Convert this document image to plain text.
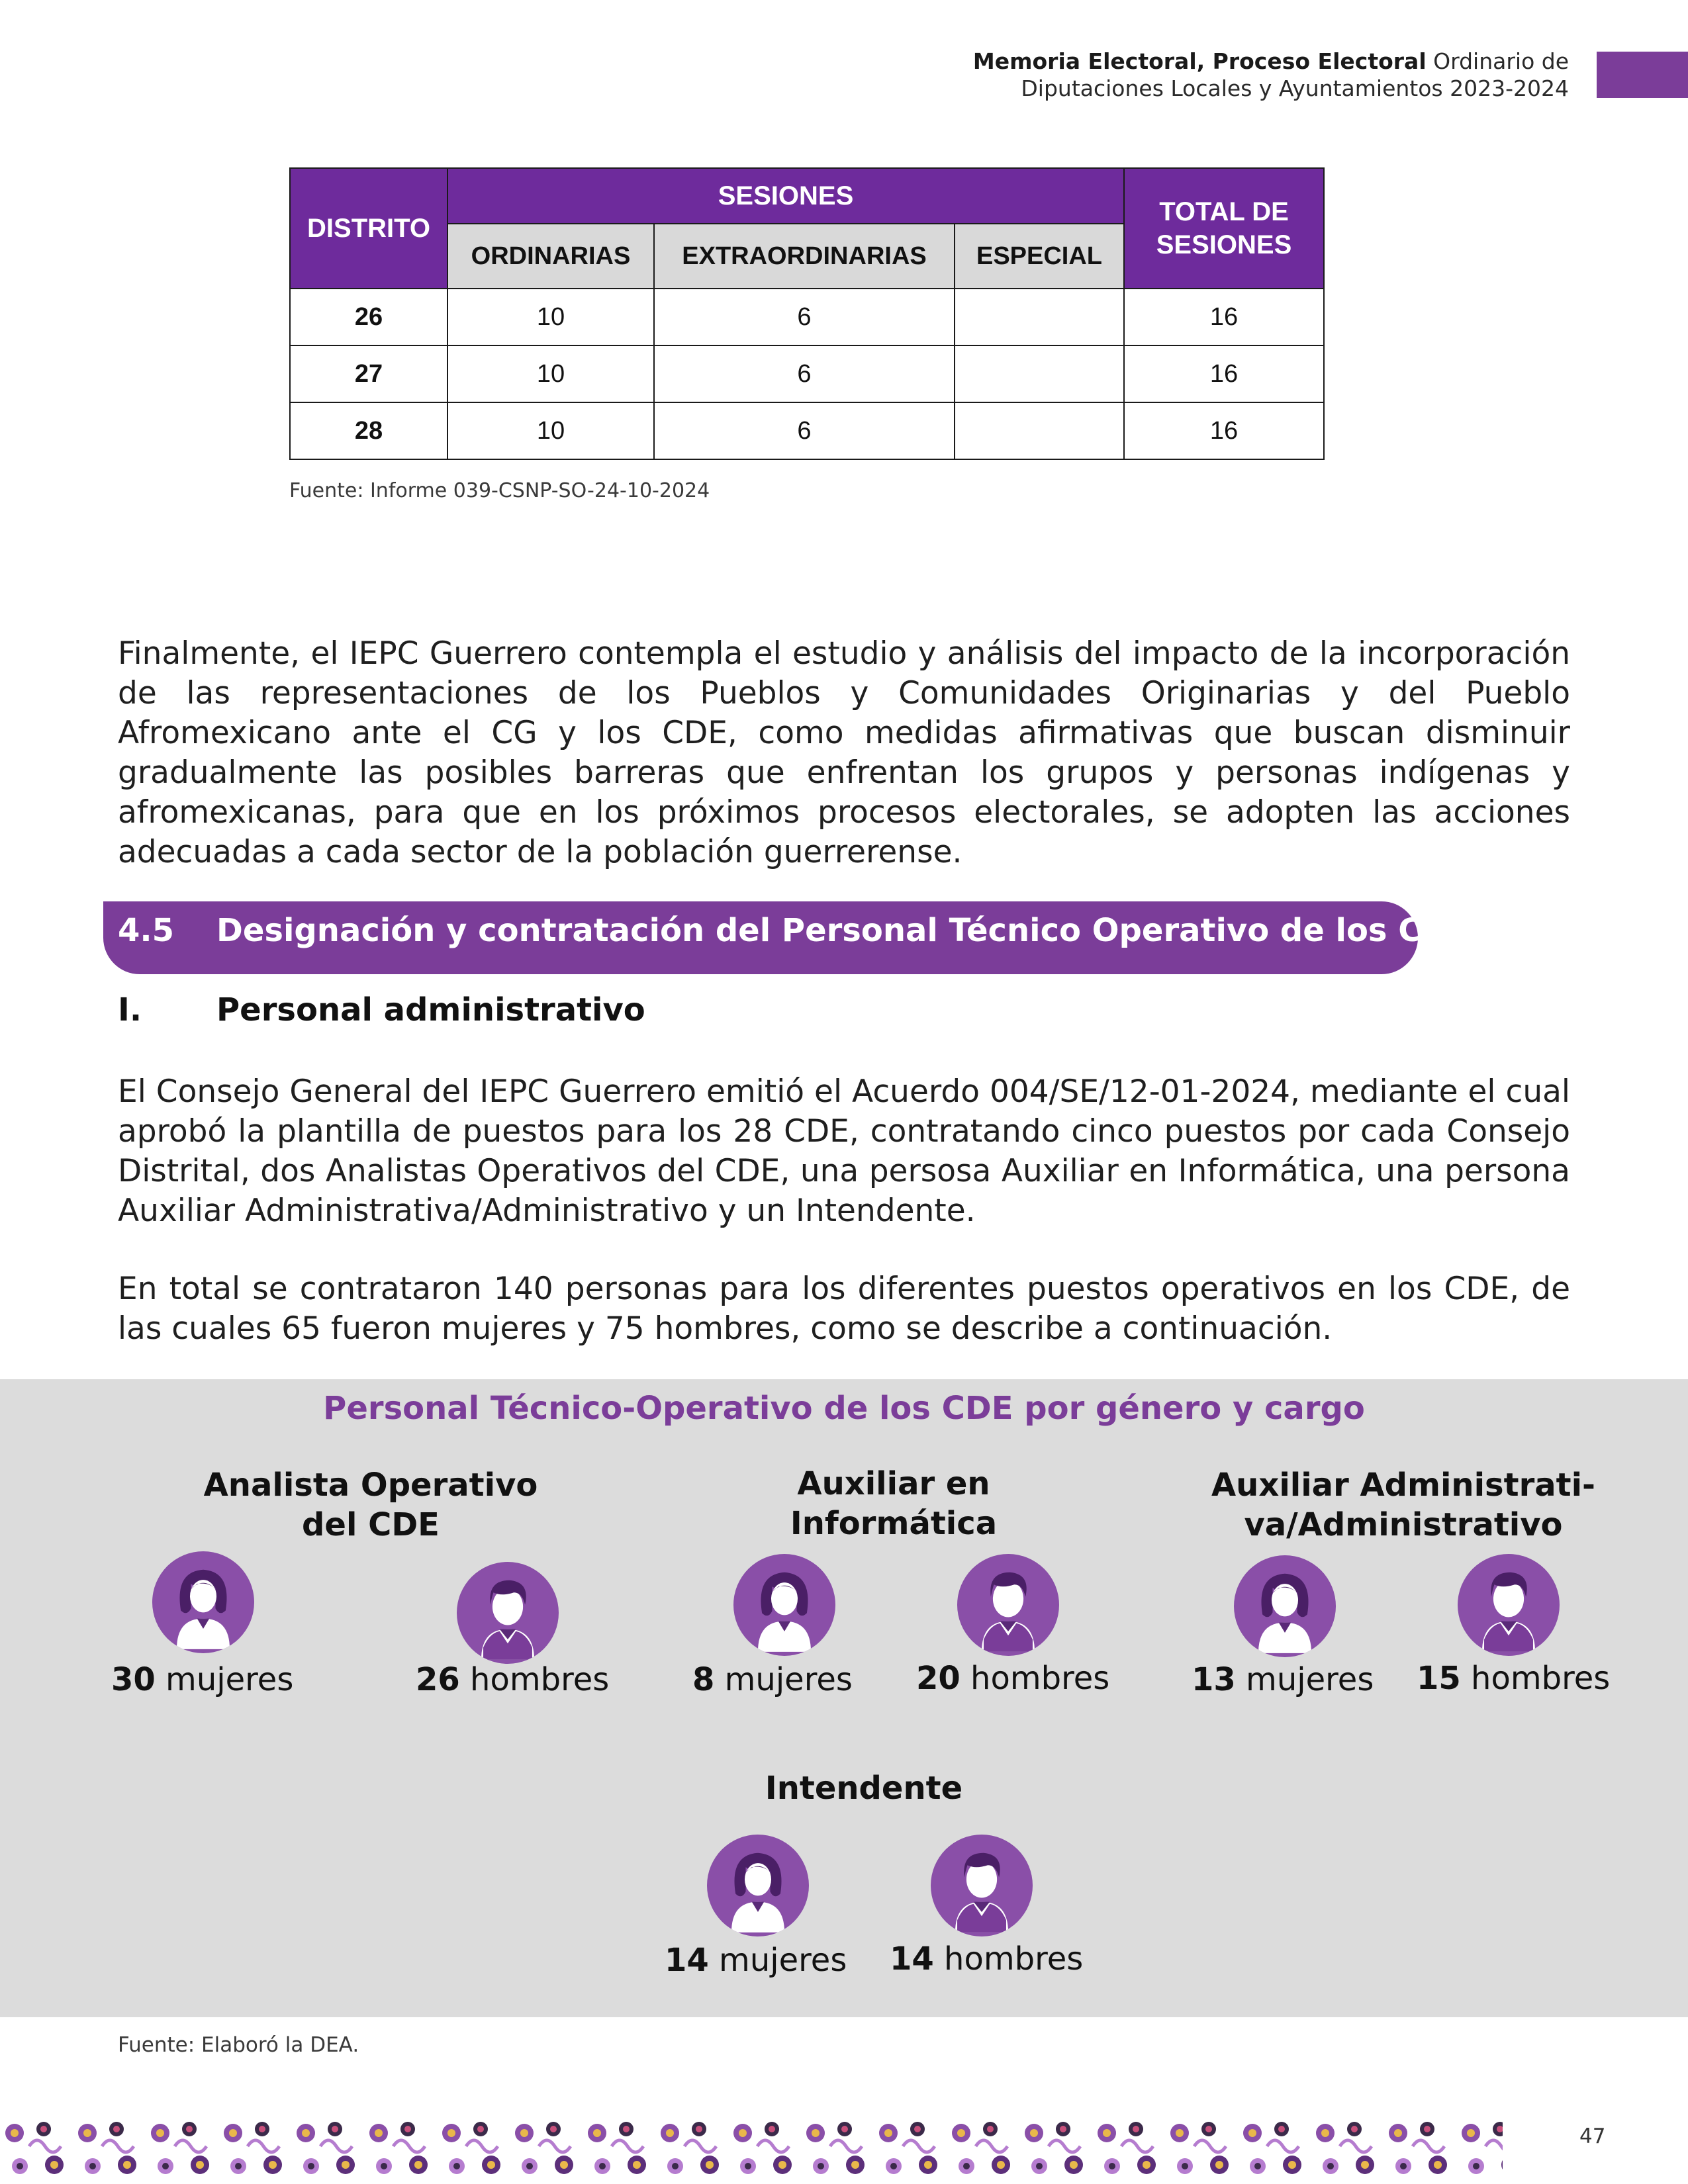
Memoria Electoral, Proceso Electoral Ordinario de
Diputaciones Locales y Ayuntamientos 2023-2024
DISTRITO	SESIONES			TOTAL DE
SESIONES

	ORDINARIAS	EXTRAORDINARIAS	ESPECIAL	
26	10	6		16
27	10	6		16
28	10	6		16
Fuente: Informe 039-CSNP-SO-24-10-2024
Finalmente, el IEPC Guerrero contempla el estudio y análisis del impacto de la incorporación de las representaciones de los Pueblos y Comunidades Originarias y del Pueblo Afromexicano ante el CG y los CDE, como medidas afirmativas que buscan disminuir gradualmente las posibles barreras que enfrentan los grupos y personas indígenas y afromexicanas, para que en los próximos procesos electorales, se adopten las acciones adecuadas a cada sector de la población guerrerense.
4.5 Designación y contratación del Personal Técnico Operativo de los CDE
I. Personal administrativo
El Consejo General del IEPC Guerrero emitió el Acuerdo 004/SE/12-01-2024, mediante el cual aprobó la plantilla de puestos para los 28 CDE, contratando cinco puestos por cada Consejo Distrital, dos Analistas Operativos del CDE, una persosa Auxiliar en Informática, una persona Auxiliar Administrativa/Administrativo y un Intendente.
En total se contrataron 140 personas para los diferentes puestos operativos en los CDE, de las cuales 65 fueron mujeres y 75 hombres, como se describe a continuación.
Personal Técnico-Operativo de los CDE por género y cargo
Analista Operativo
del CDE
30 mujeres	26 hombres
Auxiliar en
Informática
8 mujeres 20 hombres
Auxiliar Administrati-
va/Administrativo
13 mujeres 15 hombres
Intendente
14 mujeres 14 hombres
Fuente: Elaboró la DEA.
47
